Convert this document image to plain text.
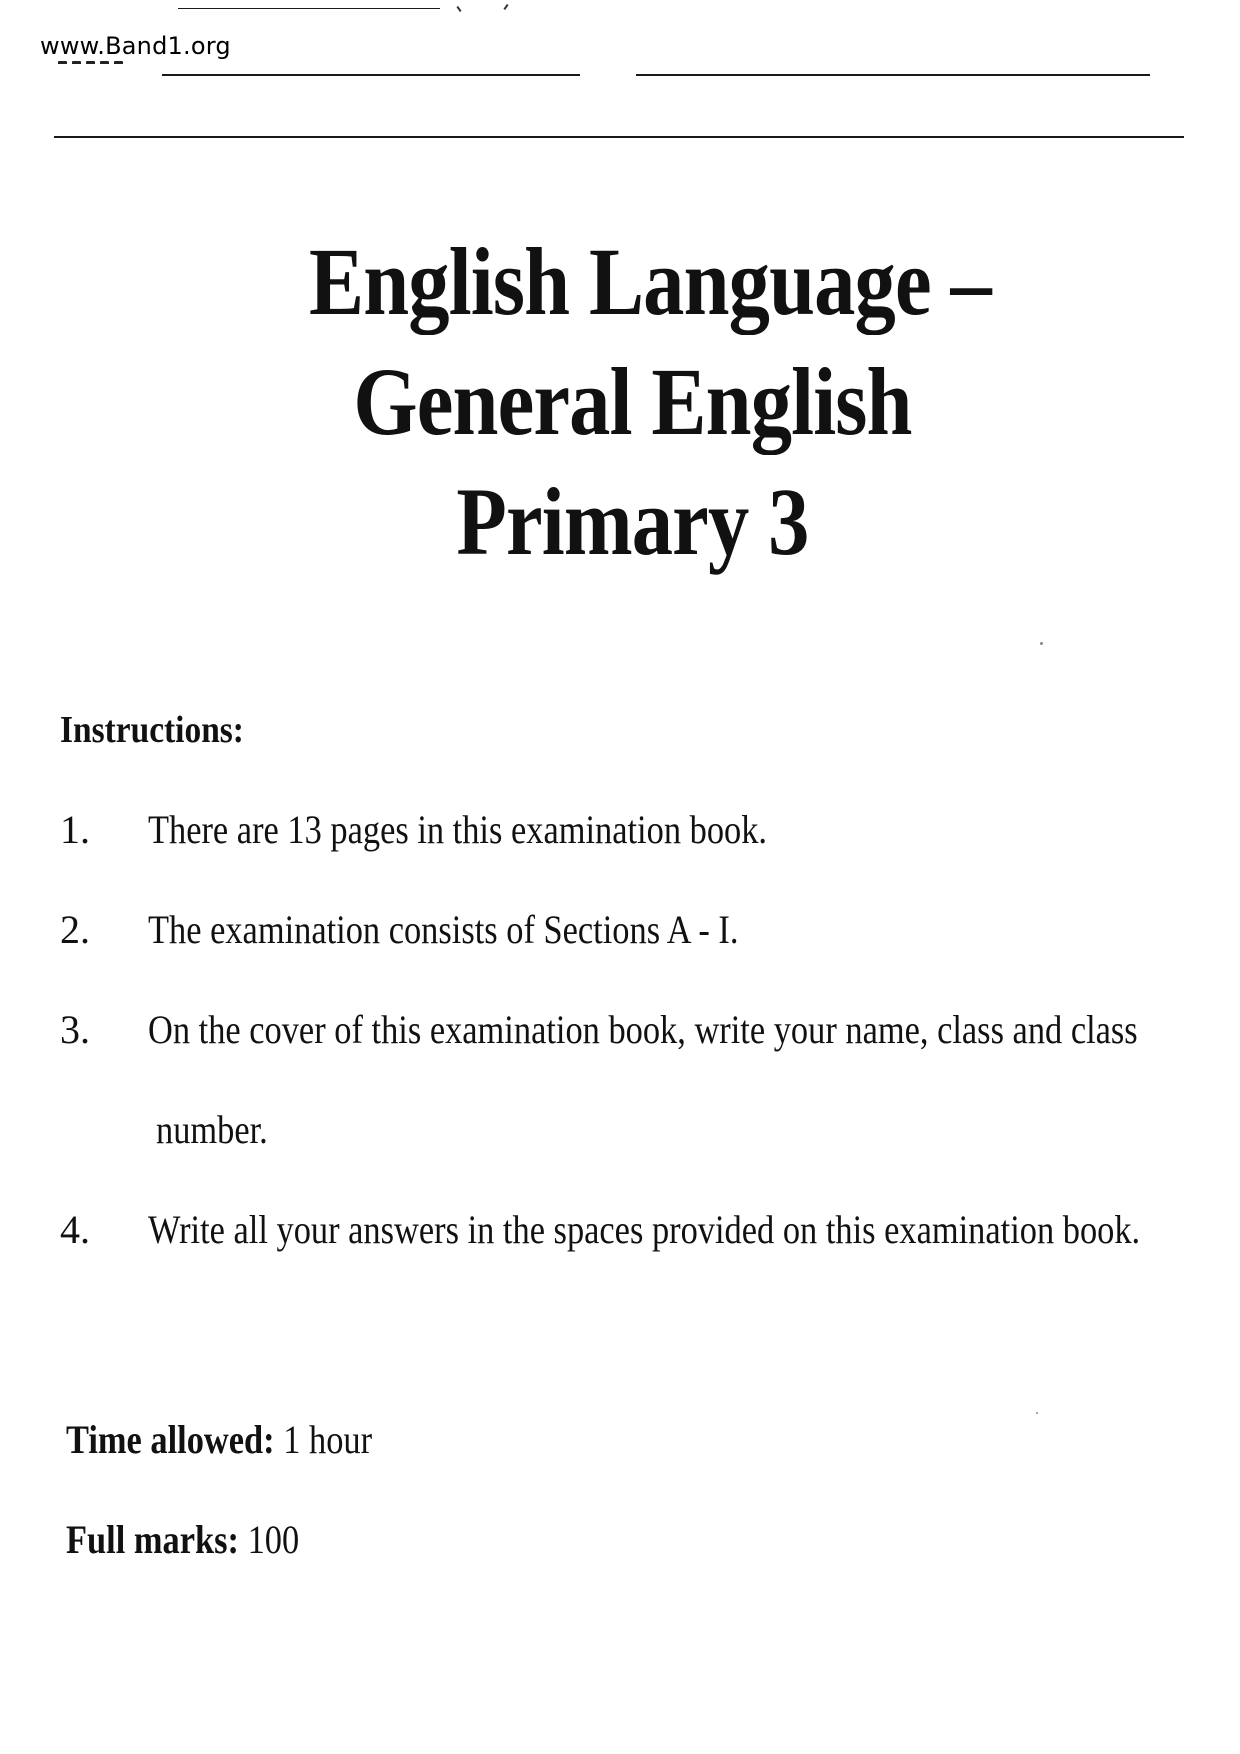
www.Band1.org
English Language –
General English
Primary 3
Instructions:
1.	There are 13 pages in this examination book.
2.	The examination consists of Sections A - I.
3.	On the cover of this examination book, write your name, class and class
number.
4.	Write all your answers in the spaces provided on this examination book.
Time allowed: 1 hour
Full marks: 100
